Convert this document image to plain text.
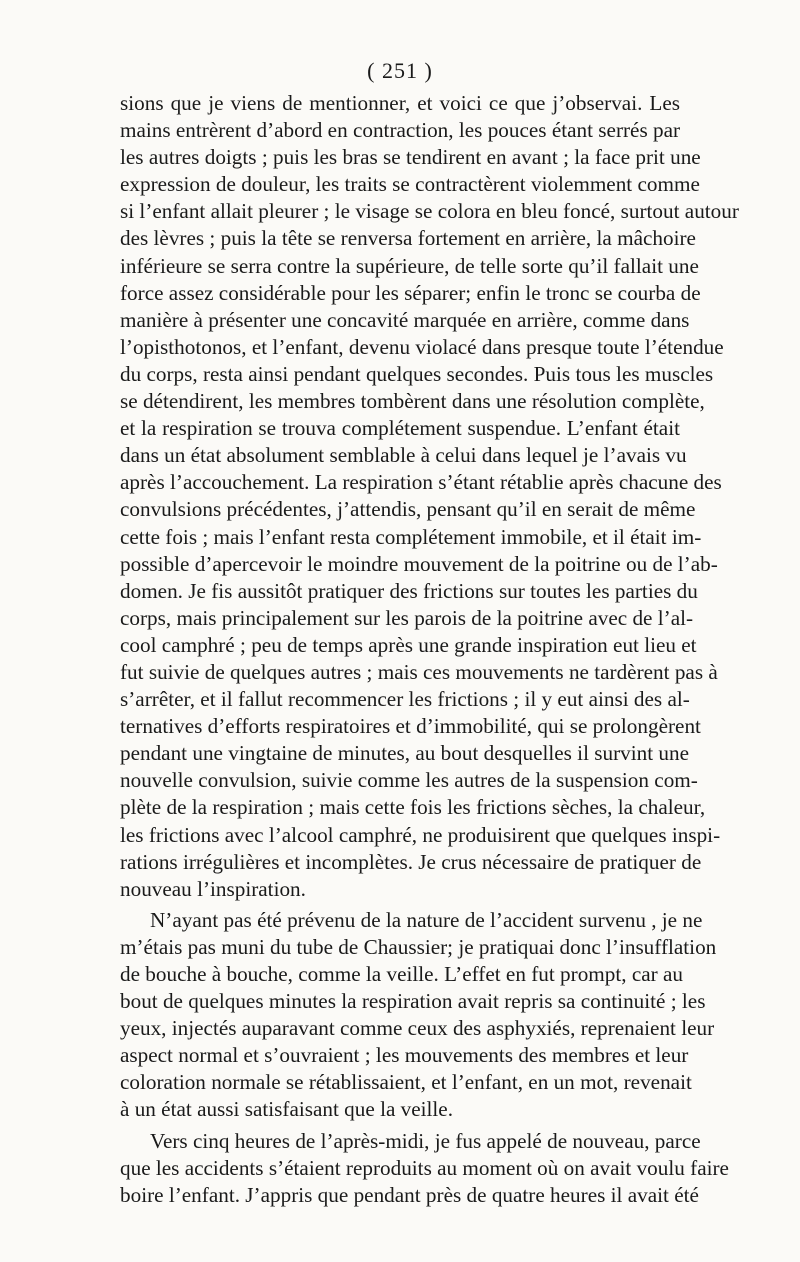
( 251 )

sions que je viens de mentionner, et voici ce que j’observai. Les
mains entrèrent d’abord en contraction, les pouces étant serrés par
les autres doigts ; puis les bras se tendirent en avant ; la face prit une
expression de douleur, les traits se contractèrent violemment comme
si l’enfant allait pleurer ; le visage se colora en bleu foncé, surtout autour
des lèvres ; puis la tête se renversa fortement en arrière, la mâchoire
inférieure se serra contre la supérieure, de telle sorte qu’il fallait une
force assez considérable pour les séparer; enfin le tronc se courba de
manière à présenter une concavité marquée en arrière, comme dans
l’opisthotonos, et l’enfant, devenu violacé dans presque toute l’étendue
du corps, resta ainsi pendant quelques secondes. Puis tous les muscles
se détendirent, les membres tombèrent dans une résolution complète,
et la respiration se trouva complétement suspendue. L’enfant était
dans un état absolument semblable à celui dans lequel je l’avais vu
après l’accouchement. La respiration s’étant rétablie après chacune des
convulsions précédentes, j’attendis, pensant qu’il en serait de même
cette fois ; mais l’enfant resta complétement immobile, et il était im-
possible d’apercevoir le moindre mouvement de la poitrine ou de l’ab-
domen. Je fis aussitôt pratiquer des frictions sur toutes les parties du
corps, mais principalement sur les parois de la poitrine avec de l’al-
cool camphré ; peu de temps après une grande inspiration eut lieu et
fut suivie de quelques autres ; mais ces mouvements ne tardèrent pas à
s’arrêter, et il fallut recommencer les frictions ; il y eut ainsi des al-
ternatives d’efforts respiratoires et d’immobilité, qui se prolongèrent
pendant une vingtaine de minutes, au bout desquelles il survint une
nouvelle convulsion, suivie comme les autres de la suspension com-
plète de la respiration ; mais cette fois les frictions sèches, la chaleur,
les frictions avec l’alcool camphré, ne produisirent que quelques inspi-
rations irrégulières et incomplètes. Je crus nécessaire de pratiquer de
nouveau l’inspiration.

N’ayant pas été prévenu de la nature de l’accident survenu , je ne
m’étais pas muni du tube de Chaussier; je pratiquai donc l’insufflation
de bouche à bouche, comme la veille. L’effet en fut prompt, car au
bout de quelques minutes la respiration avait repris sa continuité ; les
yeux, injectés auparavant comme ceux des asphyxiés, reprenaient leur
aspect normal et s’ouvraient ; les mouvements des membres et leur
coloration normale se rétablissaient, et l’enfant, en un mot, revenait
à un état aussi satisfaisant que la veille.

Vers cinq heures de l’après-midi, je fus appelé de nouveau, parce
que les accidents s’étaient reproduits au moment où on avait voulu faire
boire l’enfant. J’appris que pendant près de quatre heures il avait été
